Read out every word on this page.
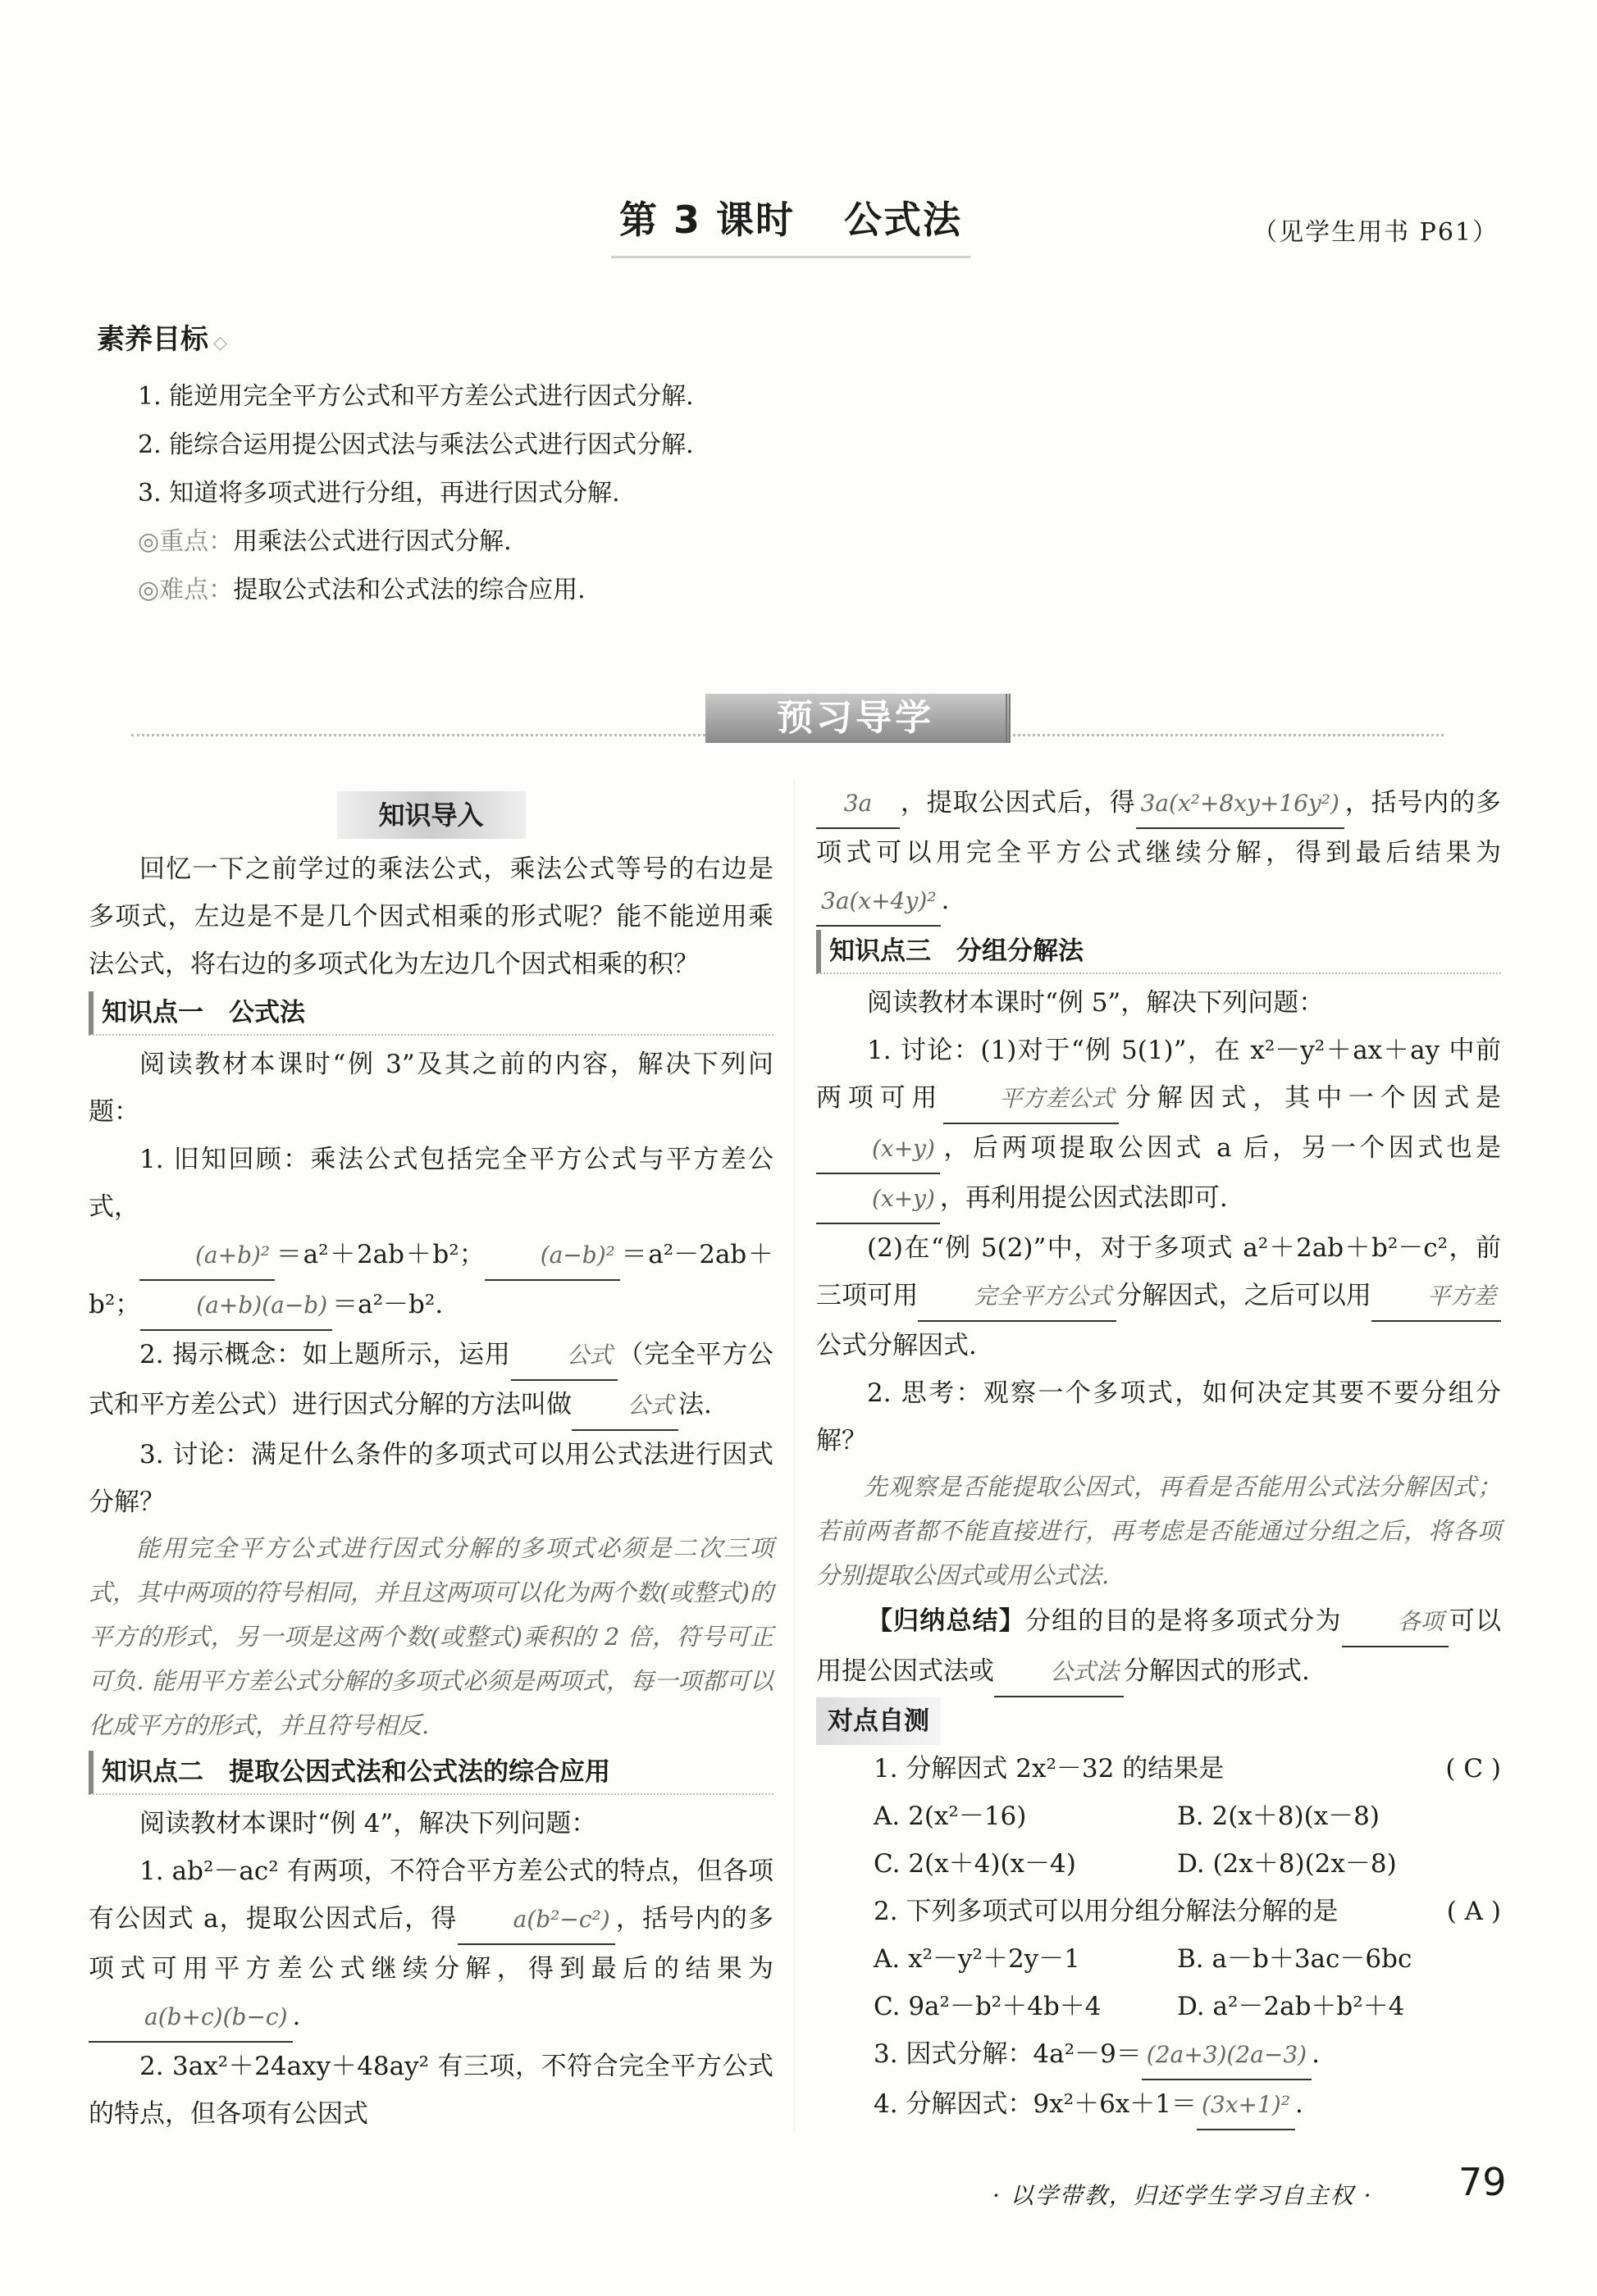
第 3 课时 公式法	（见学生用书 P61）
素养目标 ◇
1. 能逆用完全平方公式和平方差公式进行因式分解.
2. 能综合运用提公因式法与乘法公式进行因式分解.
3. 知道将多项式进行分组，再进行因式分解.
◎重点：用乘法公式进行因式分解.
◎难点：提取公式法和公式法的综合应用.
预习导学
知识导入

回忆一下之前学过的乘法公式，乘法公式等号的右边是多项式，左边是不是几个因式相乘的形式呢？能不能逆用乘法公式，将右边的多项式化为左边几个因式相乘的积？

知识点一　公式法

阅读教材本课时“例 3”及其之前的内容，解决下列问题：

1. 旧知回顾：乘法公式包括完全平方公式与平方差公式，

(a+b)² ＝a²＋2ab＋b²； (a−b)² ＝a²－2ab＋b²； (a+b)(a−b) ＝a²－b².

2. 揭示概念：如上题所示，运用 公式 （完全平方公式和平方差公式）进行因式分解的方法叫做 公式 法.

3. 讨论：满足什么条件的多项式可以用公式法进行因式分解？

能用完全平方公式进行因式分解的多项式必须是二次三项式，其中两项的符号相同，并且这两项可以化为两个数(或整式)的平方的形式，另一项是这两个数(或整式)乘积的 2 倍，符号可正可负. 能用平方差公式分解的多项式必须是两项式，每一项都可以化成平方的形式，并且符号相反.

知识点二　提取公因式法和公式法的综合应用

阅读教材本课时“例 4”，解决下列问题：

1. ab²－ac² 有两项，不符合平方差公式的特点，但各项有公因式 a，提取公因式后，得 a(b²−c²) ，括号内的多项式可用平方差公式继续分解，得到最后的结果为a(b+c)(b−c) .

2. 3ax²＋24axy＋48ay² 有三项，不符合完全平方公式的特点，但各项有公因式

3a ，提取公因式后，得 3a(x²+8xy+16y²) ，括号内的多项式可以用完全平方公式继续分解，得到最后结果为3a(x+4y)² .

知识点三　分组分解法

阅读教材本课时“例 5”，解决下列问题：

1. 讨论：(1)对于“例 5(1)”，在 x²－y²＋ax＋ay 中前两项可用 平方差公式 分解因式，其中一个因式是(x+y) ，后两项提取公因式 a 后，另一个因式也是(x+y) ，再利用提公因式法即可.

(2)在“例 5(2)”中，对于多项式 a²＋2ab＋b²－c²，前三项可用 完全平方公式 分解因式，之后可以用 平方差公式分解因式.

2. 思考：观察一个多项式，如何决定其要不要分组分解？

先观察是否能提取公因式，再看是否能用公式法分解因式；若前两者都不能直接进行，再考虑是否能通过分组之后，将各项分别提取公因式或用公式法.

【归纳总结】分组的目的是将多项式分为 各项 可以用提公因式法或 公式法 分解因式的形式.

对点自测
1. 分解因式 2x²－32 的结果是	( C )
A. 2(x²－16)	B. 2(x＋8)(x－8)
C. 2(x＋4)(x－4)	D. (2x＋8)(2x－8)
2. 下列多项式可以用分组分解法分解的是	( A )
A. x²－y²＋2y－1	B. a－b＋3ac－6bc
C. 9a²－b²＋4b＋4	D. a²－2ab＋b²＋4
3. 因式分解：4a²－9＝ (2a+3)(2a−3) .
4. 分解因式：9x²＋6x＋1＝ (3x+1)² .
· 以学带教，归还学生学习自主权 · 79
